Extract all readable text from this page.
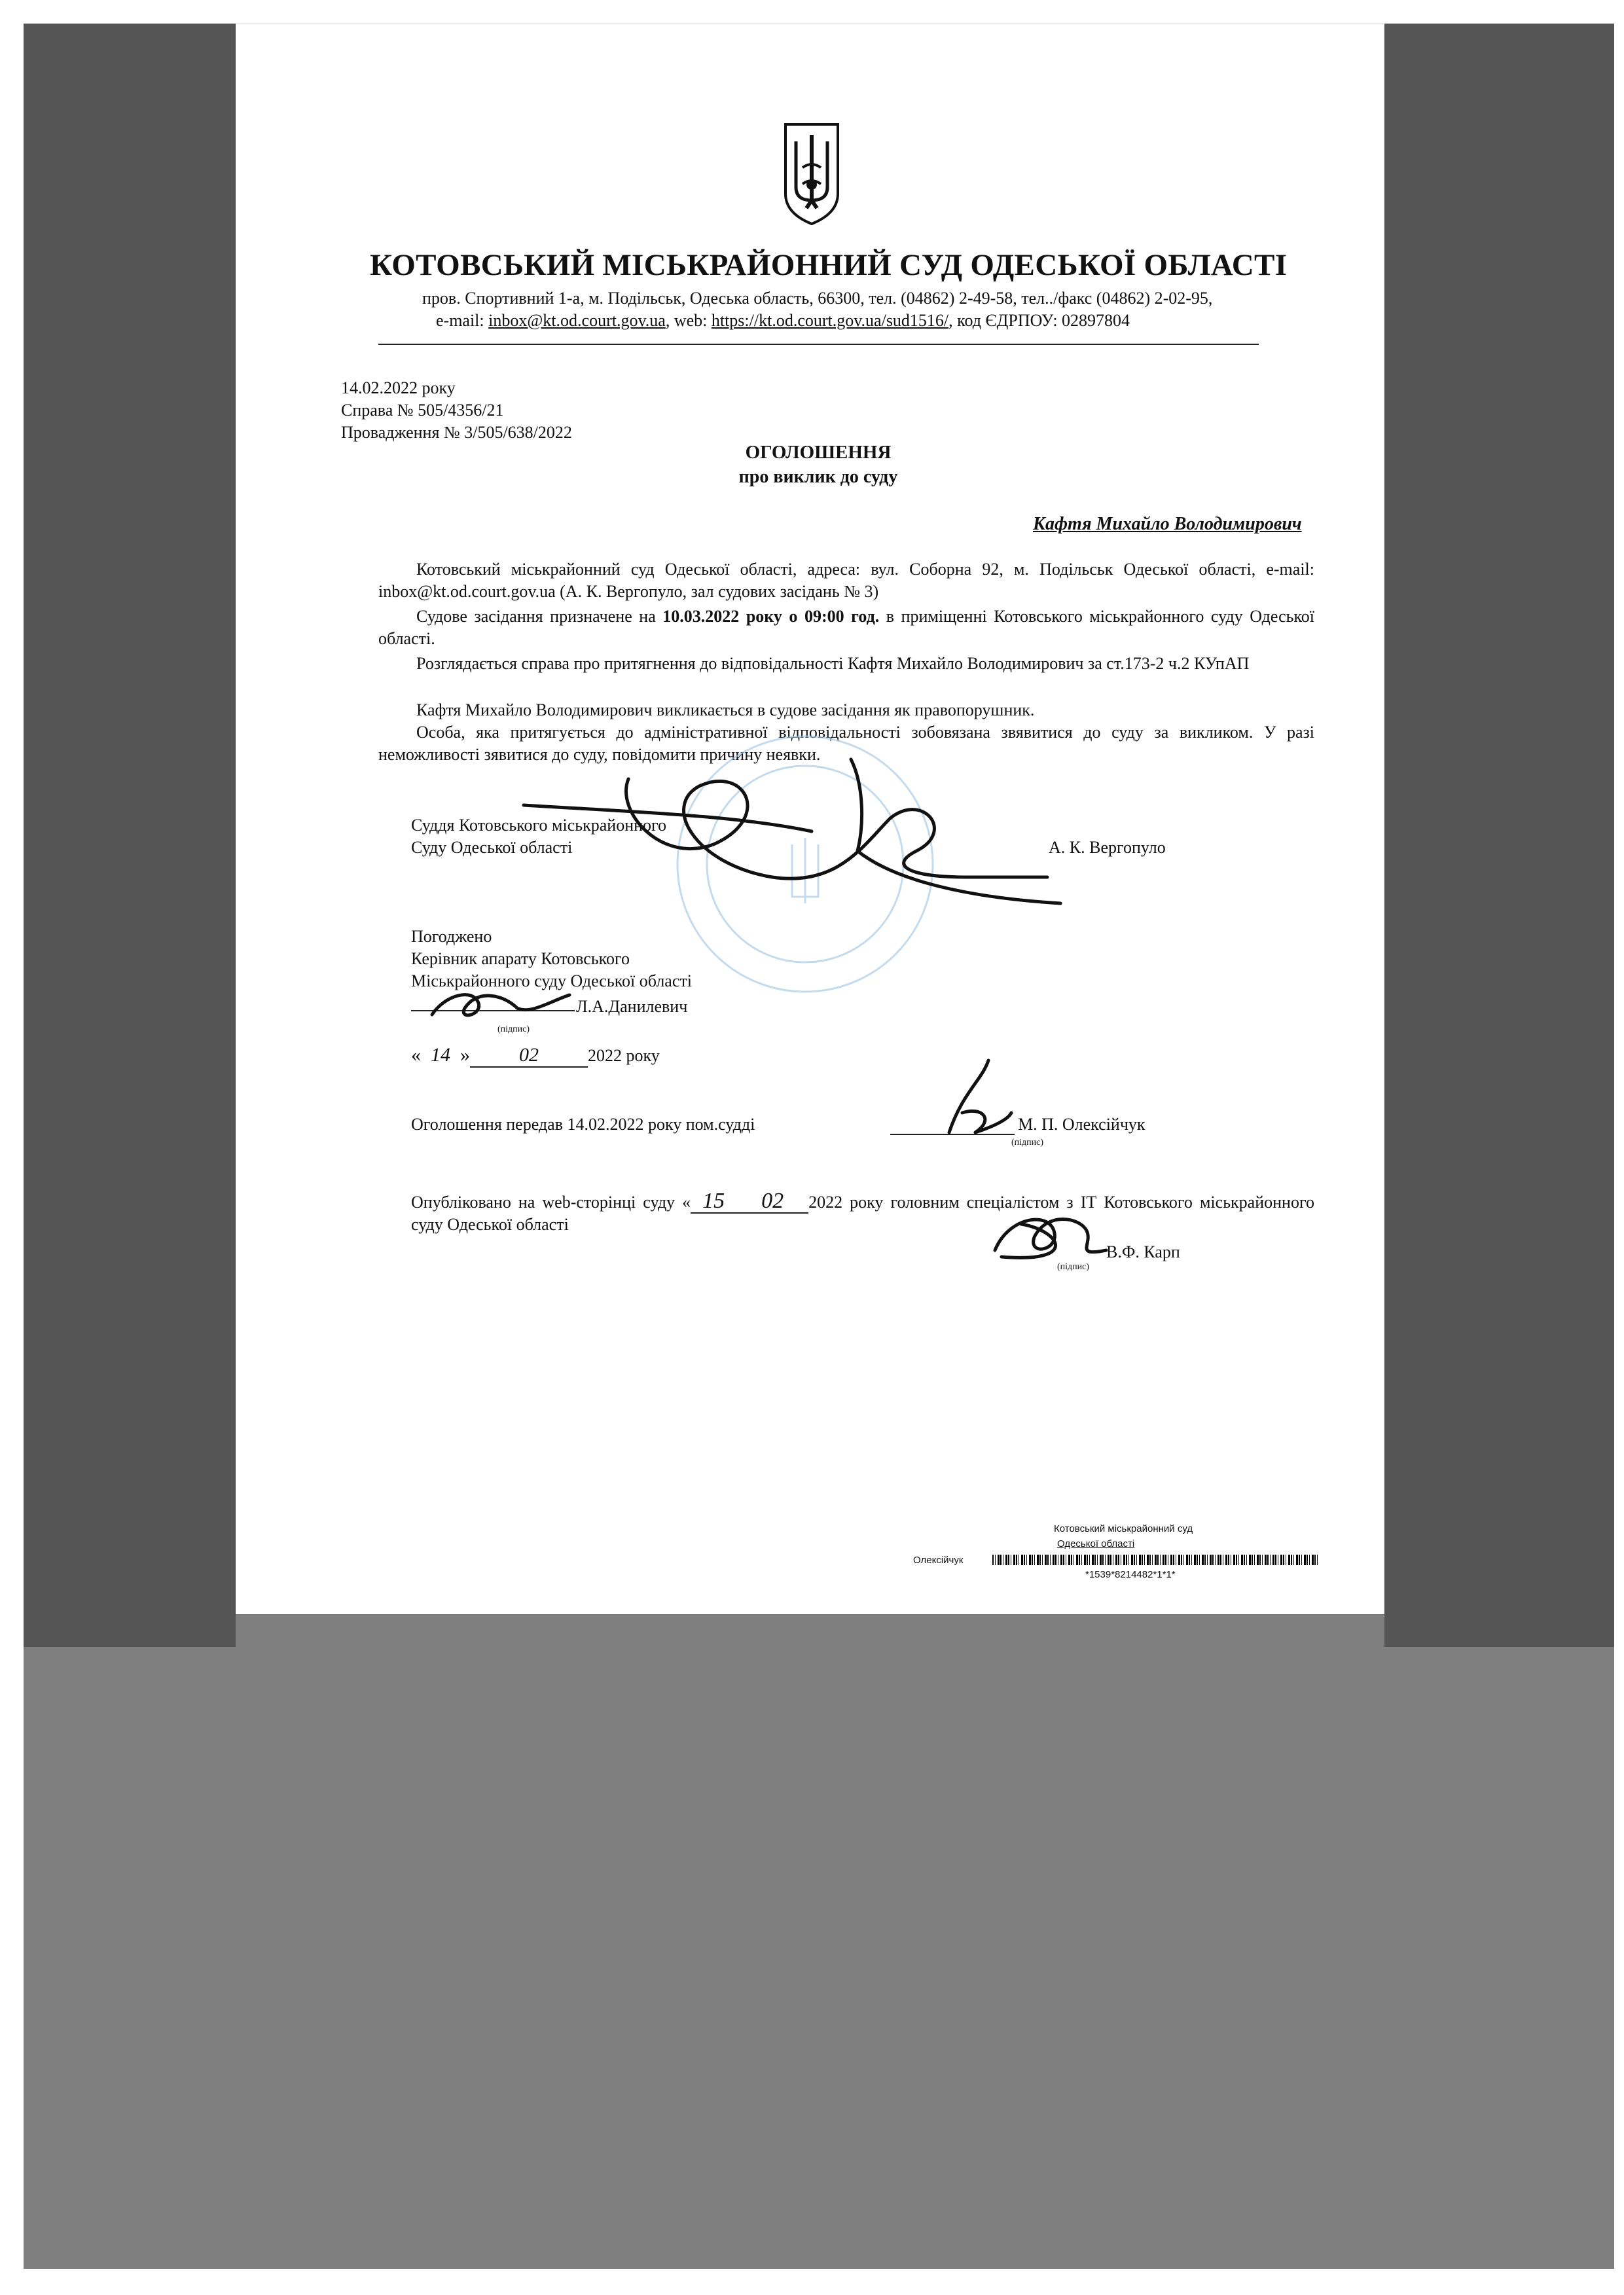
КОТОВСЬКИЙ МІСЬКРАЙОННИЙ СУД ОДЕСЬКОЇ ОБЛАСТІ
пров. Спортивний 1-а, м. Подільськ, Одеська область, 66300, тел. (04862) 2-49-58, тел../факс (04862) 2-02-95,
e-mail: inbox@kt.od.court.gov.ua, web: https://kt.od.court.gov.ua/sud1516/, код ЄДРПОУ: 02897804
14.02.2022 року
Справа № 505/4356/21
Провадження № 3/505/638/2022
ОГОЛОШЕННЯ
про виклик до суду
Кафтя Михайло Володимирович
Котовський міськрайонний суд Одеської області, адреса: вул. Соборна 92, м. Подільськ Одеської області, e-mail: inbox@kt.od.court.gov.ua (А. К. Вергопуло, зал судових засідань № 3)
Судове засідання призначене на 10.03.2022 року о 09:00 год. в приміщенні Котовського міськрайонного суду Одеської області.
Розглядається справа про притягнення до відповідальності Кафтя Михайло Володимирович за ст.173-2 ч.2 КУпАП
Кафтя Михайло Володимирович викликається в судове засідання як правопорушник.
Особа, яка притягується до адміністративної відповідальності зобовязана звявитися до суду за викликом. У разі неможливості зявитися до суду, повідомити причину неявки.
Суддя Котовського міськрайонного
Суду Одеської області	А. К. Вергопуло
Погоджено
Керівник апарату Котовського
Міськрайонного суду Одеської області
Л.А.Данилевич
(підпис)
« 14 »	02	2022 року
Оголошення передав 14.02.2022 року пом.судді	М. П. Олексійчук
(підпис)
Опубліковано на web-сторінці суду « 15 02 2022 року головним спеціалістом з ІТ Котовського міськрайонного суду Одеської області
В.Ф. Карп
(підпис)
Котовський міськрайонний суд
Одеської області
Олексійчук
*1539*8214482*1*1*
